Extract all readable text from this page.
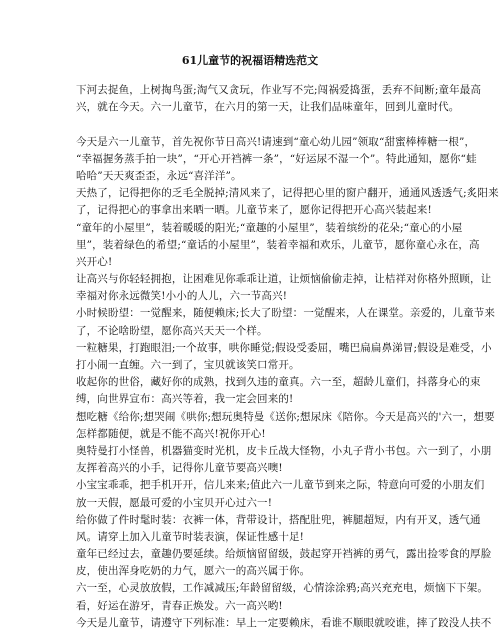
61儿童节的祝福语精选范文
下河去捉鱼，上树掏鸟蛋;淘气又贪玩，作业写不完;闯祸爱捣蛋，丢弃不间断;童年最高
兴，就在今天。六一儿童节，在六月的第一天，让我们品味童年，回到儿童时代。
今天是六一儿童节，首先祝你节日高兴!请速到“童心幼儿园”领取“甜蜜棒棒糖一根”，
“幸福握务蒸手拍一块”，“开心开裆裤一条”，“好运尿不湿一个”。特此通知，愿你“蛙
哈哈”天天爽歪歪，永远“喜洋洋”。
天热了，记得把你的乏毛全脱掉;清风来了，记得把心里的窗户翻开，通通风透透气;炙阳来
了，记得把心的事拿出来晒一晒。儿童节来了，愿你记得把开心高兴装起来!
“童年的小屋里”，装着暖暖的阳光;“童趣的小屋里”，装着缤纷的花朵;“童心的小屋
里”，装着绿色的希望;“童话的小屋里”，装着幸福和欢乐，儿童节，愿你童心永在，高
兴开心!
让高兴与你轻轻拥抱，让困难见你乖乖让道，让烦恼偷偷走掉，让桔祥对你格外照顾，让
幸福对你永远微笑!小小的人儿，六一节高兴!
小时候盼望：一觉醒来，随便赖床;长大了盼望：一觉醒来，人在课堂。亲爱的，儿童节来
了，不论啥盼望，愿你高兴天天一个样。
一粒糖果，打跑眼泪;一个故事，哄你睡觉;假设受委屈，嘴巴扁扁鼻涕冒;假设是难受，小
打小闹一直缠。六一到了，宝贝就该笑口常开。
收起你的世俗，藏好你的成熟，找到久违的童真。六一至，超龄儿童们，抖落身心的束
缚，向世界宣布：高兴等着，我一定会回来的!
想吃糖《给你;想哭闹《哄你;想玩奥特曼《送你;想尿床《陪你。今天是高兴的'六一，想要
怎样都随便，就是不能不高兴!祝你开心!
奥特曼打小怪兽，机器猫变时光机，皮卡丘战大怪物，小丸子背小书包。六一到了，小朋
友挥着高兴的小手，记得你儿童节要高兴噢!
小宝宝乖乖，把手机开开，信儿来来;值此六一儿童节到来之际，特意向可爱的小朋友们
放一天假，愿最可爱的小宝贝开心过六一!
给你做了件时髦时装：衣裤一体，背带设计，搭配肚兜，裤腿超短，内有开叉，透气通
风。请穿上加入儿童节时装表演，保证性感十足!
童年已经过去，童趣仍要延续。给烦恼留留级，鼓起穿开裆裤的勇气，露出捡零食的厚脸
皮，使出浑身吃奶的力气，愿六一的高兴属于你。
六一至，心灵放放假，工作减减压;年龄留留级，心情涂涂鸦;高兴充充电，烦恼下下架。
看，好运在游牙，青春正焕发。六一高兴哟!
今天是儿童节，请遵守下列标准：早上一定要赖床，看谁不顺眼就咬谁，摔了跤没人扶不
